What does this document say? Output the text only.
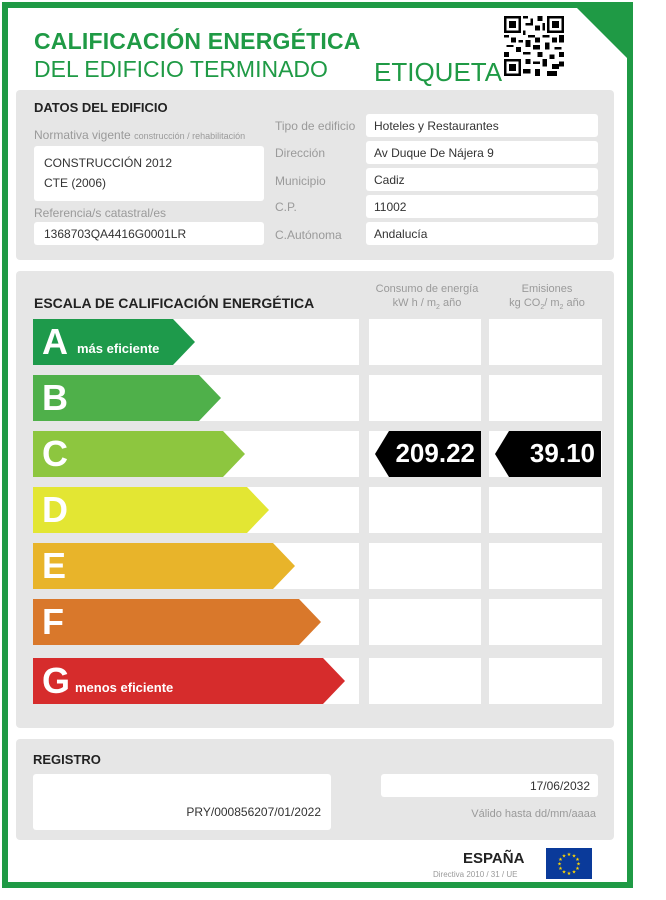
CALIFICACIÓN ENERGÉTICA
DEL EDIFICIO TERMINADO ETIQUETA
DATOS DEL EDIFICIO
Normativa vigente construcción / rehabilitación
CONSTRUCCIÓN 2012
CTE (2006)
Referencia/s catastral/es
1368703QA4416G0001LR
Tipo de edificio Hoteles y Restaurantes
Dirección	Av Duque De Nájera 9
Municipio	Cadiz
C.P.	11002
C.Autónoma	Andalucía
ESCALA DE CALIFICACIÓN ENERGÉTICA
Consumo de energía
kW h / $m_2$ año
Emisiones
kg $CO_2/$ $m_2$ año
A más eficiente
B
C	209.22 39.10
D
E
F
G menos eficiente
REGISTRO
PRY/000856207/01/2022
17/06/2032
Válido hasta dd/mm/aaaa
ESPAÑA
Directiva 2010 / 31 / UE
★ ★
★
★
★
★
★
★
★
★
★
★
